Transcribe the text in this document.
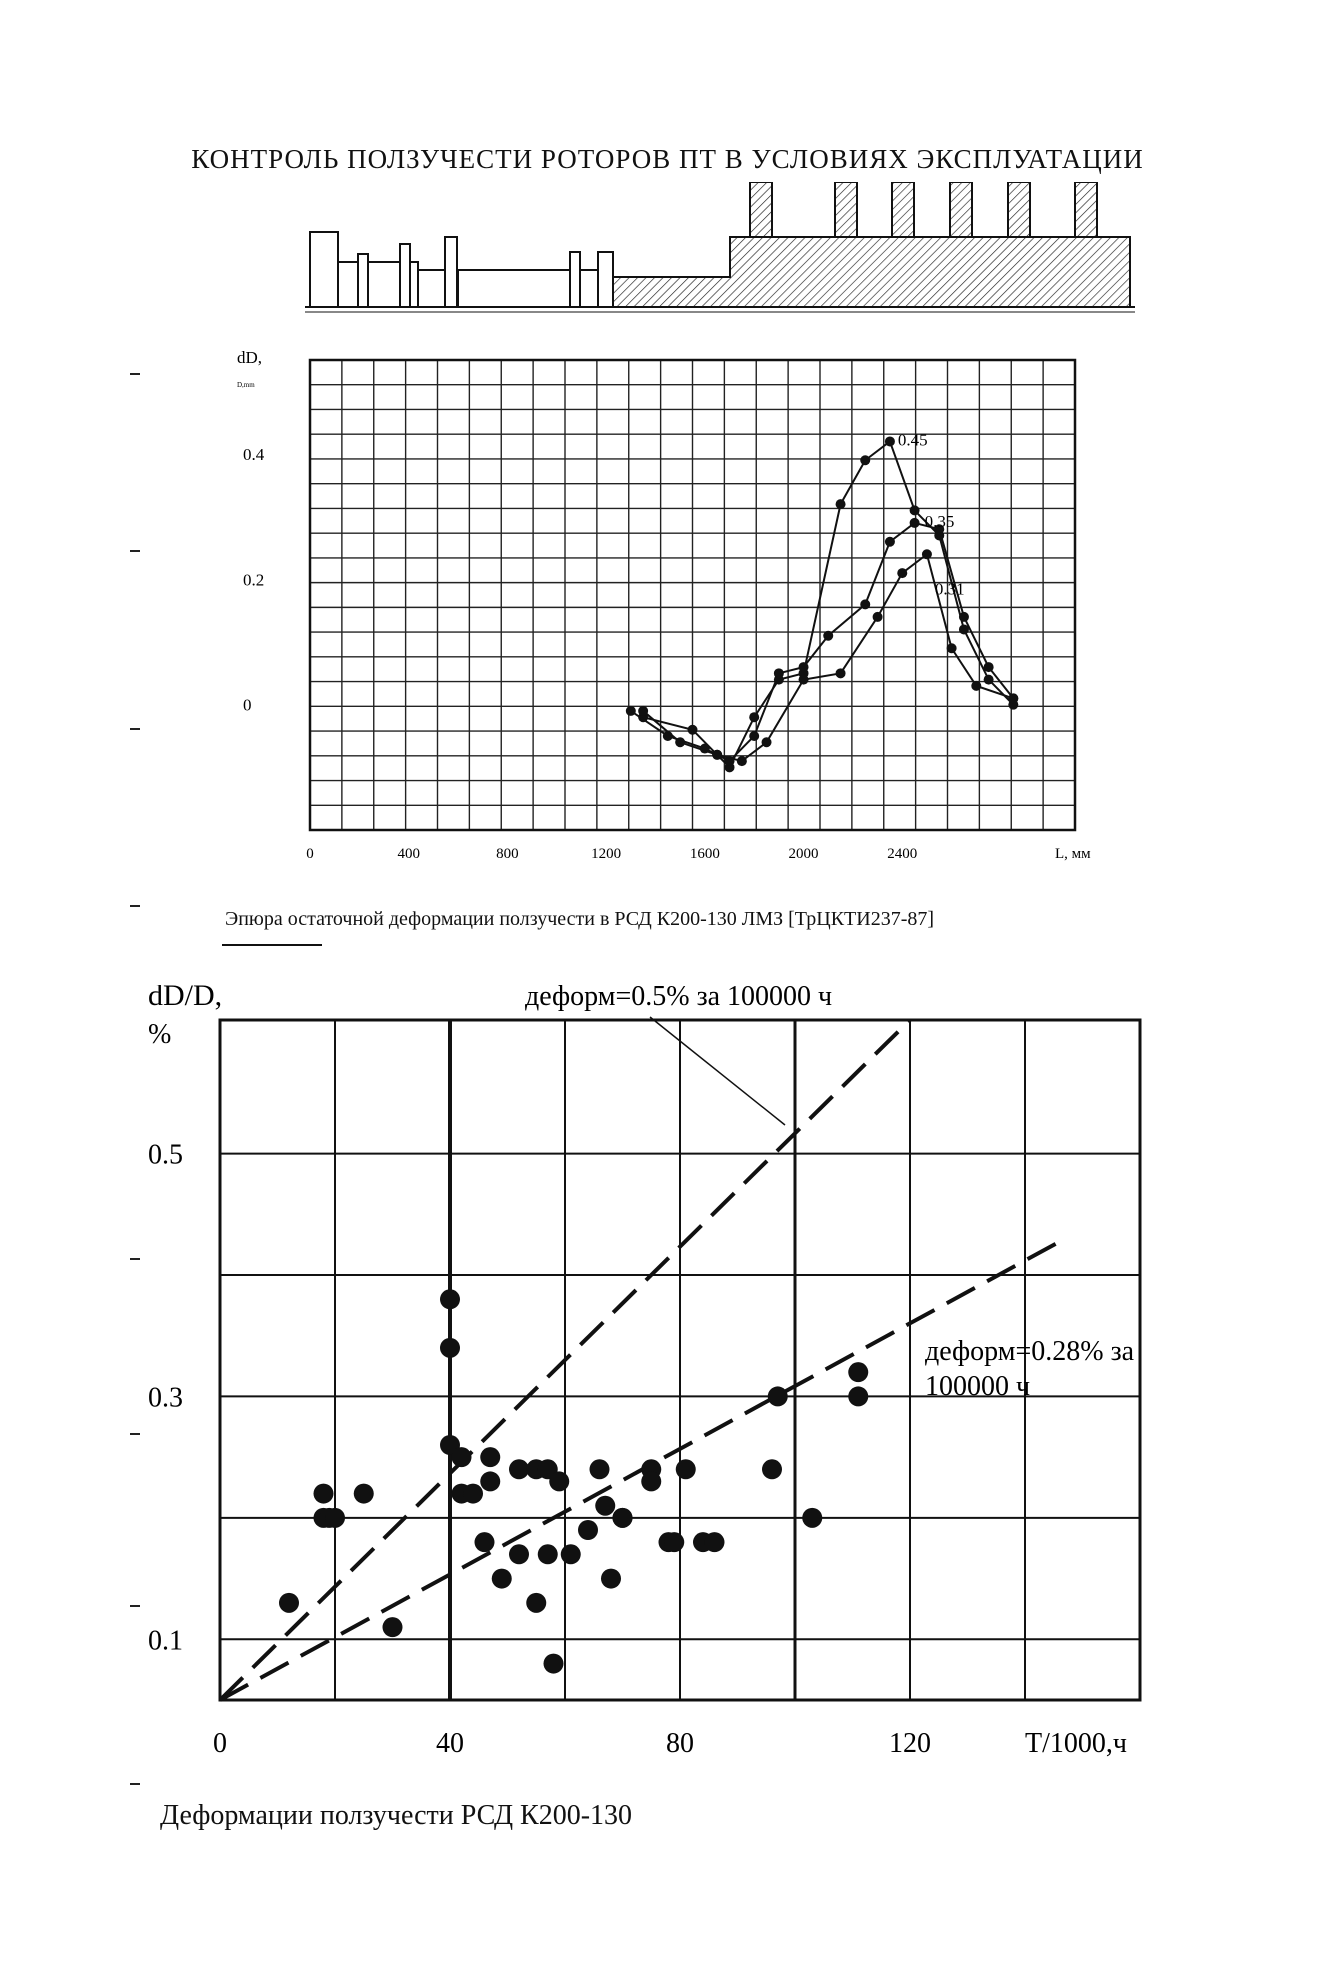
КОНТРОЛЬ ПОЛЗУЧЕСТИ РОТОРОВ ПТ В УСЛОВИЯХ ЭКСПЛУАТАЦИИ
0	400	800	1200	1600	2000	2400	L, мм
0
0.2
0.4
dD,
D,mm
0.45
0.35
0.31
Эпюра остаточной деформации ползучести в РСД К200-130 ЛМЗ [ТрЦКТИ237-87]
0	40	80	120	T/1000,ч
0.1
0.3
0.5
dD/D,
%
деформ=0.5% за 100000 ч
деформ=0.28% за
100000 ч
Деформации ползучести РСД К200-130
